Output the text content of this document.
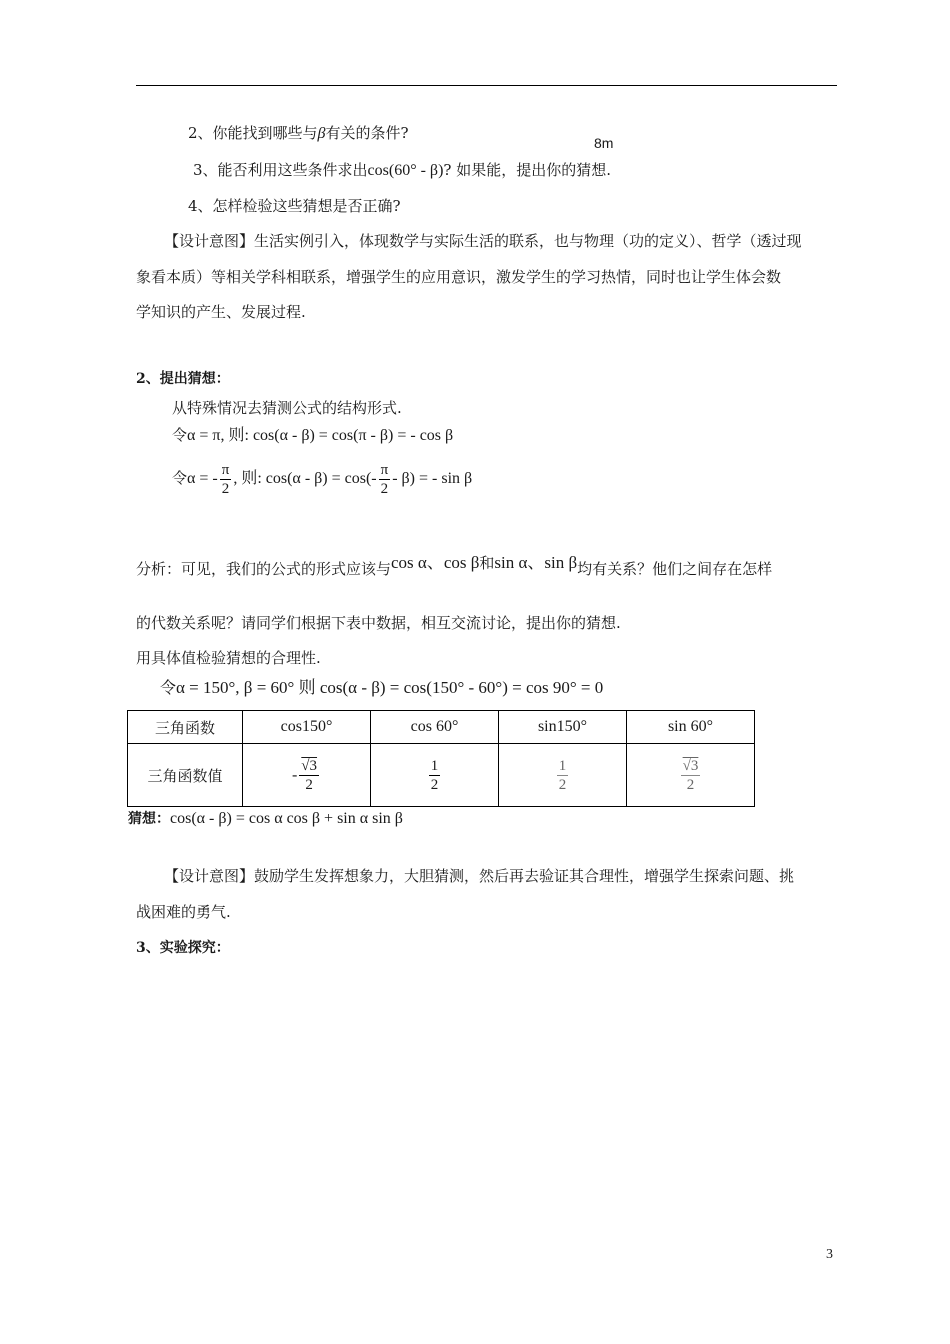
2、你能找到哪些与β有关的条件?
8m
3、能否利用这些条件求出cos(60° - β)? 如果能，提出你的猜想.
4、怎样检验这些猜想是否正确?
【设计意图】生活实例引入，体现数学与实际生活的联系，也与物理（功的定义）、哲学（透过现
象看本质）等相关学科相联系，增强学生的应用意识，激发学生的学习热情，同时也让学生体会数
学知识的产生、发展过程.
2、提出猜想：
从特殊情况去猜测公式的结构形式.
令α = π, 则: cos(α - β) = cos(π - β) = - cos β
令α = - $\frac{\pi}{2}$ , 则: $\cos(\alpha - \beta) = \cos(- \frac{\pi}{2} - \beta)$ = - sin β
分析：可见，我们的公式的形式应该与cos α、cos β和sin α、sin β均有关系？他们之间存在怎样
的代数关系呢？请同学们根据下表中数据，相互交流讨论，提出你的猜想.
用具体值检验猜想的合理性.
令α = 150°, β = 60° 则 cos(α - β) = cos(150° - 60°) = cos 90° = 0
三角函数	cos150°	cos 60°	sin150°	sin 60°
三角函数值	- $\frac{√3}{2}$	$\frac{1}{2}$	$\frac{1}{2}$	$\frac{√3}{2}$
猜想：cos(α - β) = cos α cos β + sin α sin β
【设计意图】鼓励学生发挥想象力，大胆猜测，然后再去验证其合理性，增强学生探索问题、挑
战困难的勇气.
3、实验探究：
3
